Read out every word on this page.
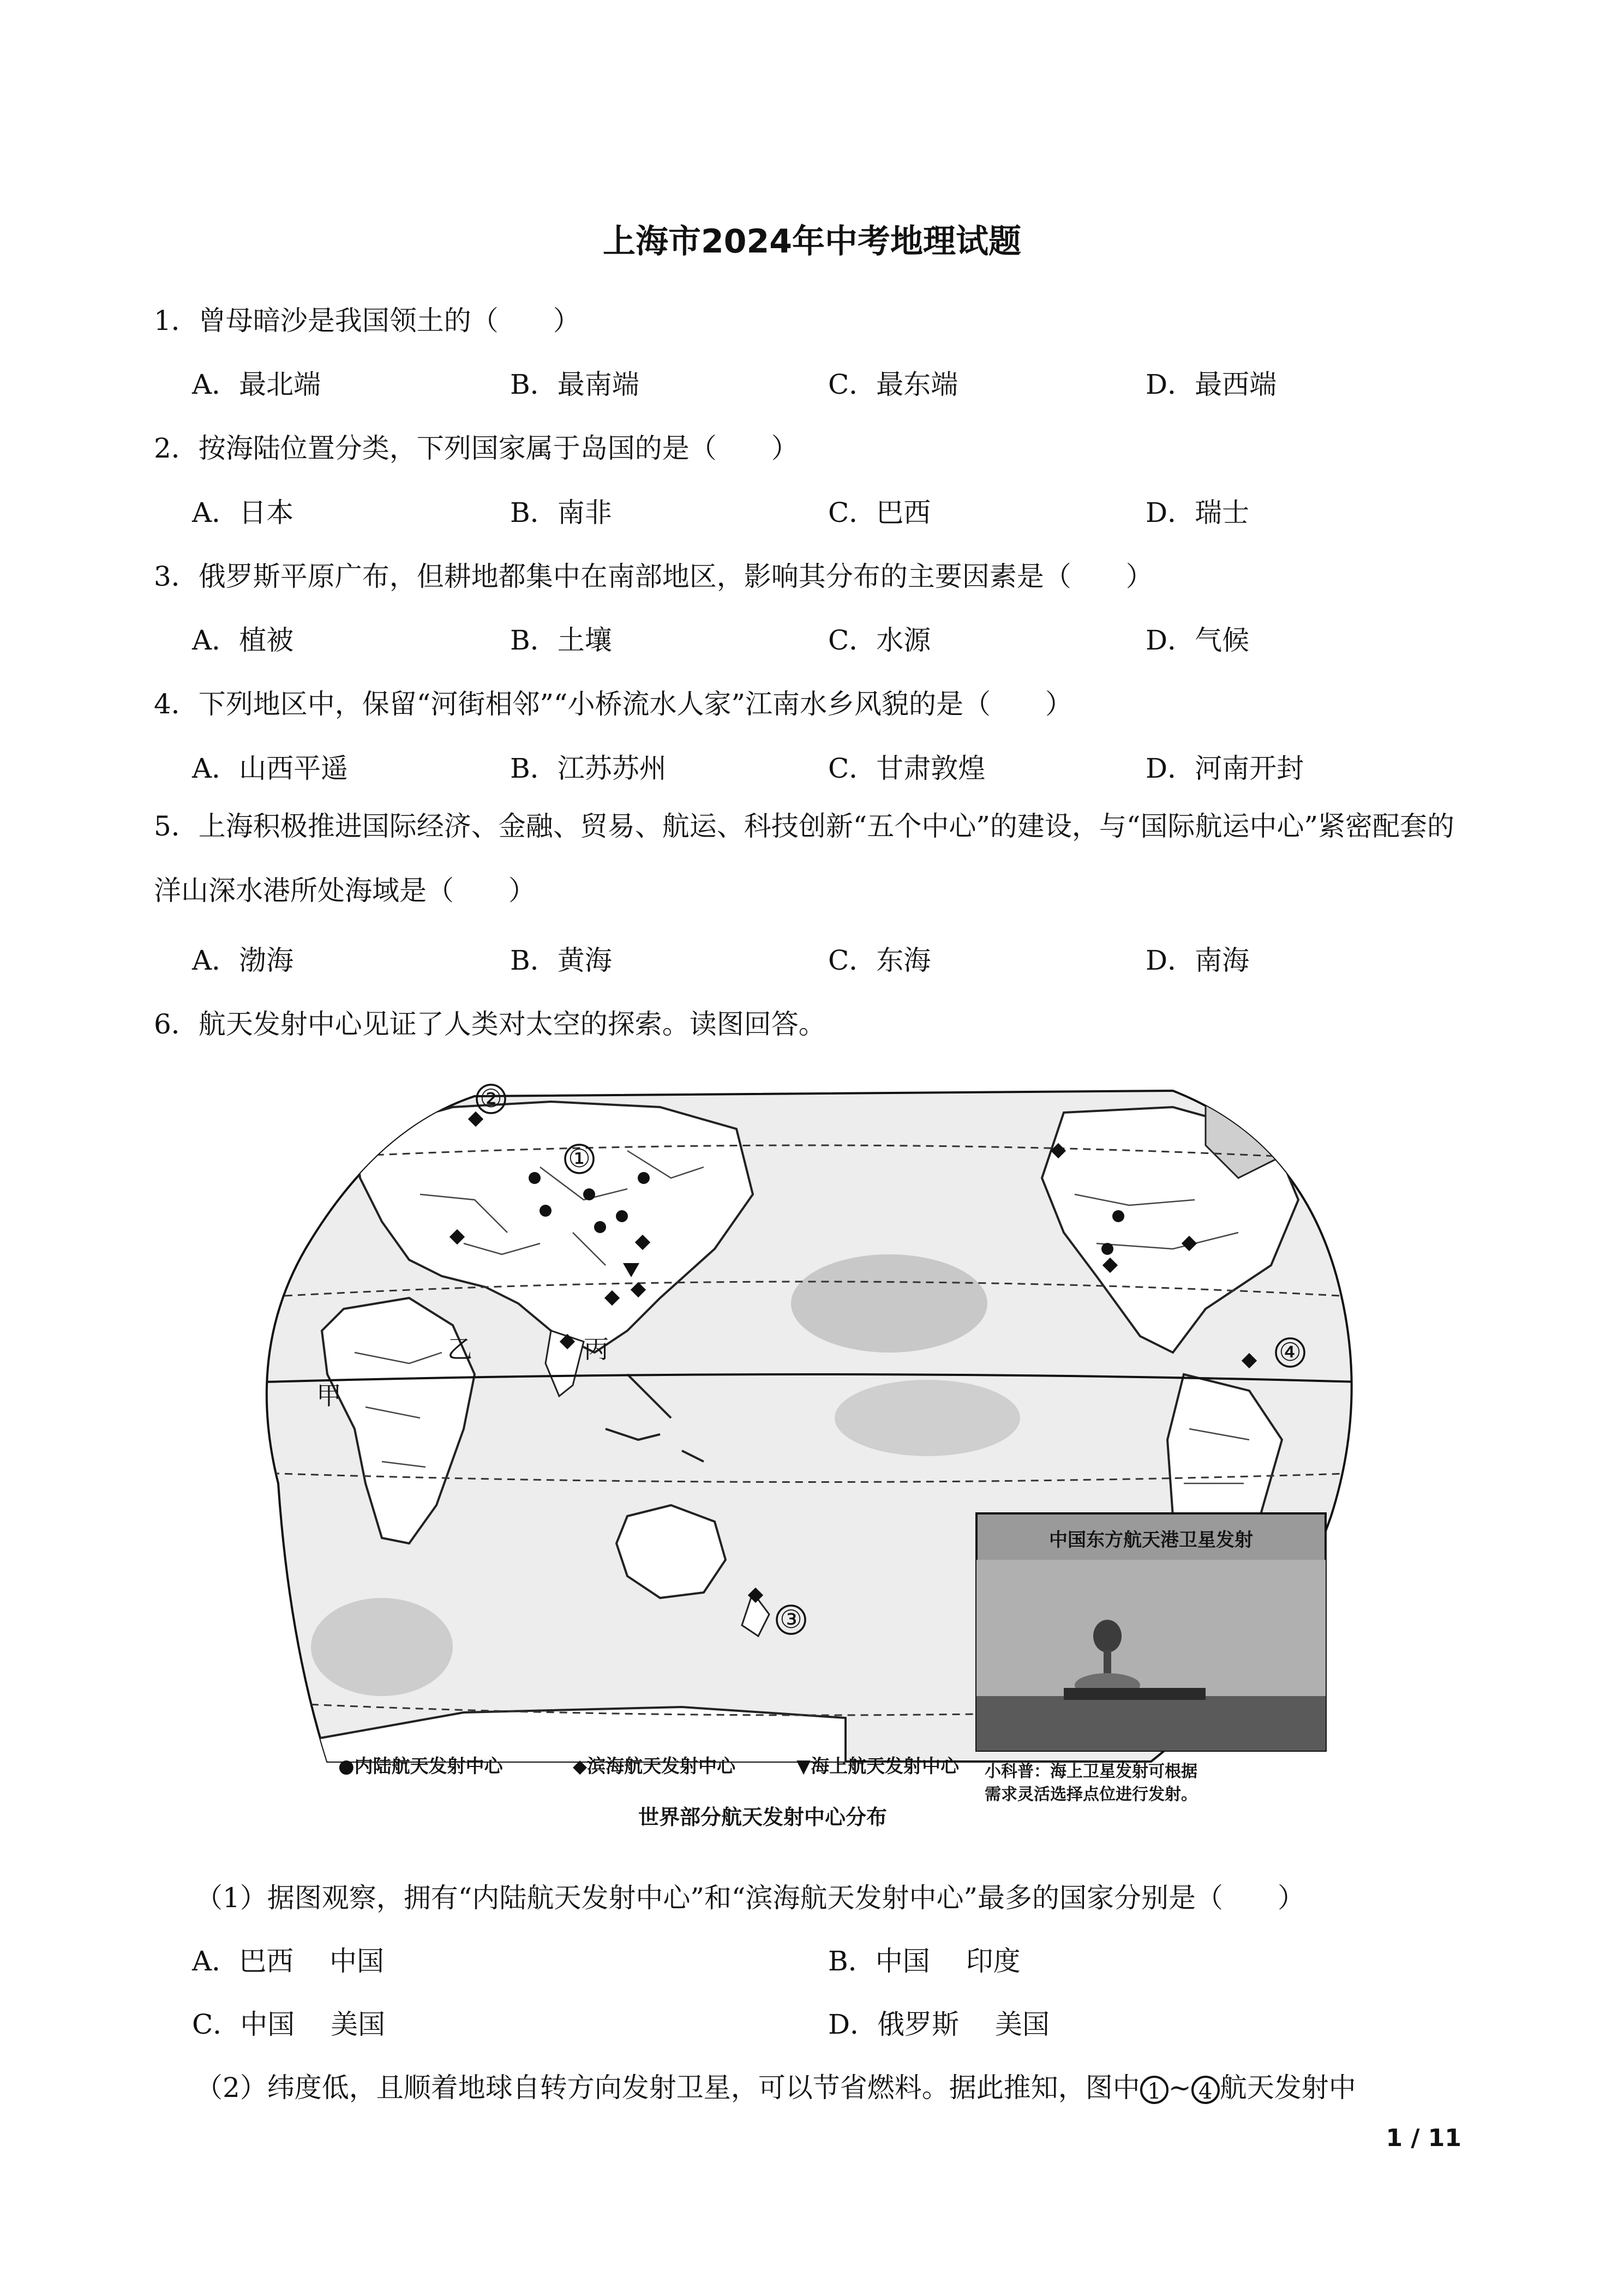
上海市2024年中考地理试题
1．曾母暗沙是我国领土的（　　）
A．最北端	B．最南端	C．最东端	D．最西端
2．按海陆位置分类，下列国家属于岛国的是（　　）
A．日本	B．南非	C．巴西	D．瑞士
3．俄罗斯平原广布，但耕地都集中在南部地区，影响其分布的主要因素是（　　）
A．植被	B．土壤	C．水源	D．气候
4．下列地区中，保留“河街相邻”“小桥流水人家”江南水乡风貌的是（　　）
A．山西平遥	B．江苏苏州	C．甘肃敦煌	D．河南开封
5．上海积极推进国际经济、金融、贸易、航运、科技创新“五个中心”的建设，与“国际航运中心”紧密配套的洋山深水港所处海域是（　　）
A．渤海	B．黄海	C．东海	D．南海
6．航天发射中心见证了人类对太空的探索。读图回答。
②
①
④
③
甲
乙	丙
中国东方航天港卫星发射
●内陆航天发射中心	◆滨海航天发射中心	▼海上航天发射中心 小科普：海上卫星发射可根据
需求灵活选择点位进行发射。
世界部分航天发射中心分布
（1）据图观察，拥有“内陆航天发射中心”和“滨海航天发射中心”最多的国家分别是（　　）
A．巴西　 中国	B．中国　 印度
C．中国　 美国	D．俄罗斯　 美国
（2）纬度低，且顺着地球自转方向发射卫星，可以节省燃料。据此推知，图中 1 ~ 4 航天发射中
1 / 11
